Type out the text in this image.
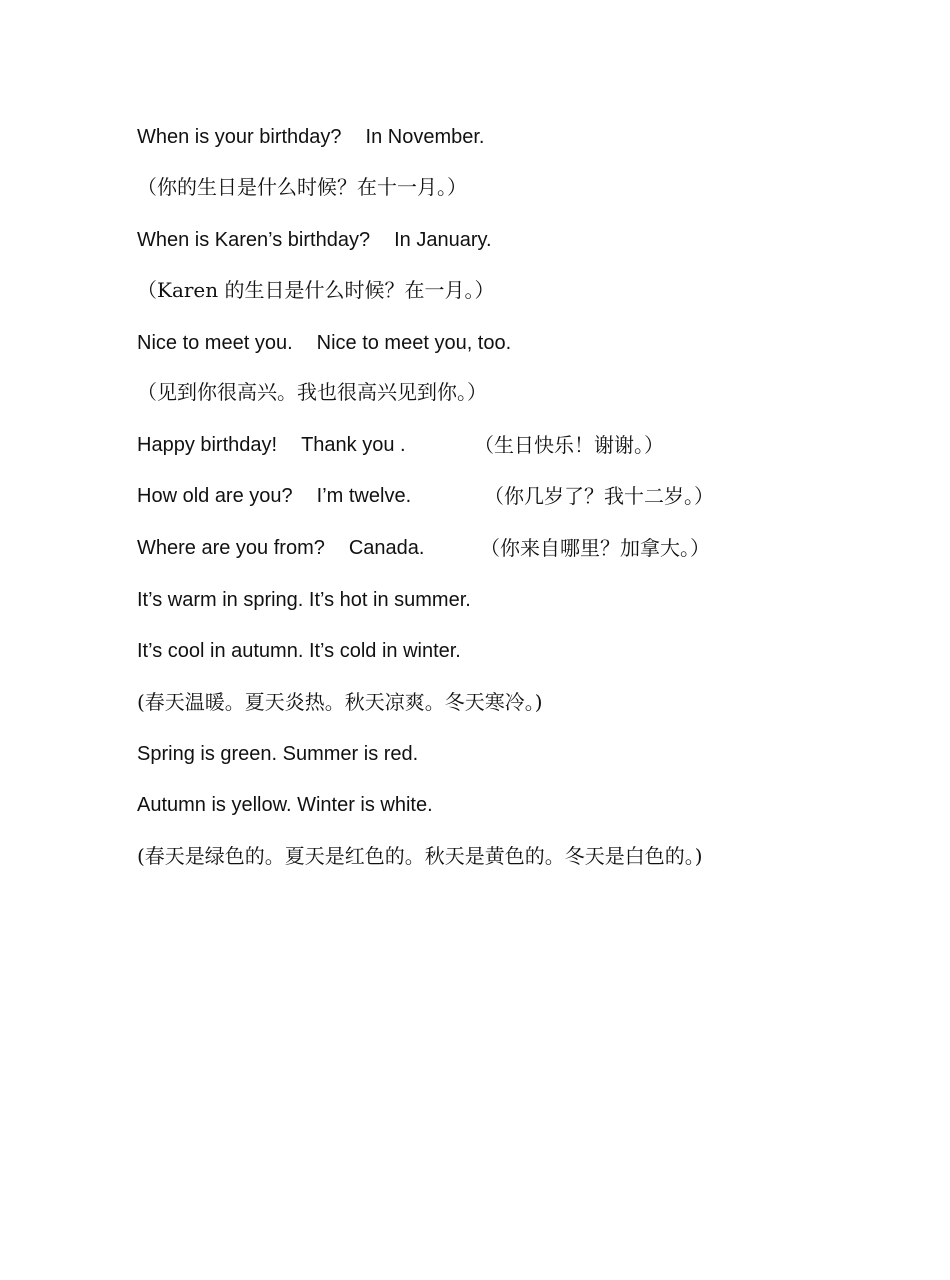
When is your birthday? In November.
（你的生日是什么时候？在十一月。）
When is Karen’s birthday? In January.
（Karen 的生日是什么时候？在一月。）
Nice to meet you. Nice to meet you, too.
（见到你很高兴。我也很高兴见到你。）
Happy birthday! Thank you .	（生日快乐！谢谢。）
How old are you? I’m twelve.	（你几岁了？我十二岁。）
Where are you from? Canada.	（你来自哪里？加拿大。）
It’s warm in spring. It’s hot in summer.
It’s cool in autumn. It’s cold in winter.
(春天温暖。夏天炎热。秋天凉爽。冬天寒冷。)
Spring is green. Summer is red.
Autumn is yellow. Winter is white.
(春天是绿色的。夏天是红色的。秋天是黄色的。冬天是白色的。)
